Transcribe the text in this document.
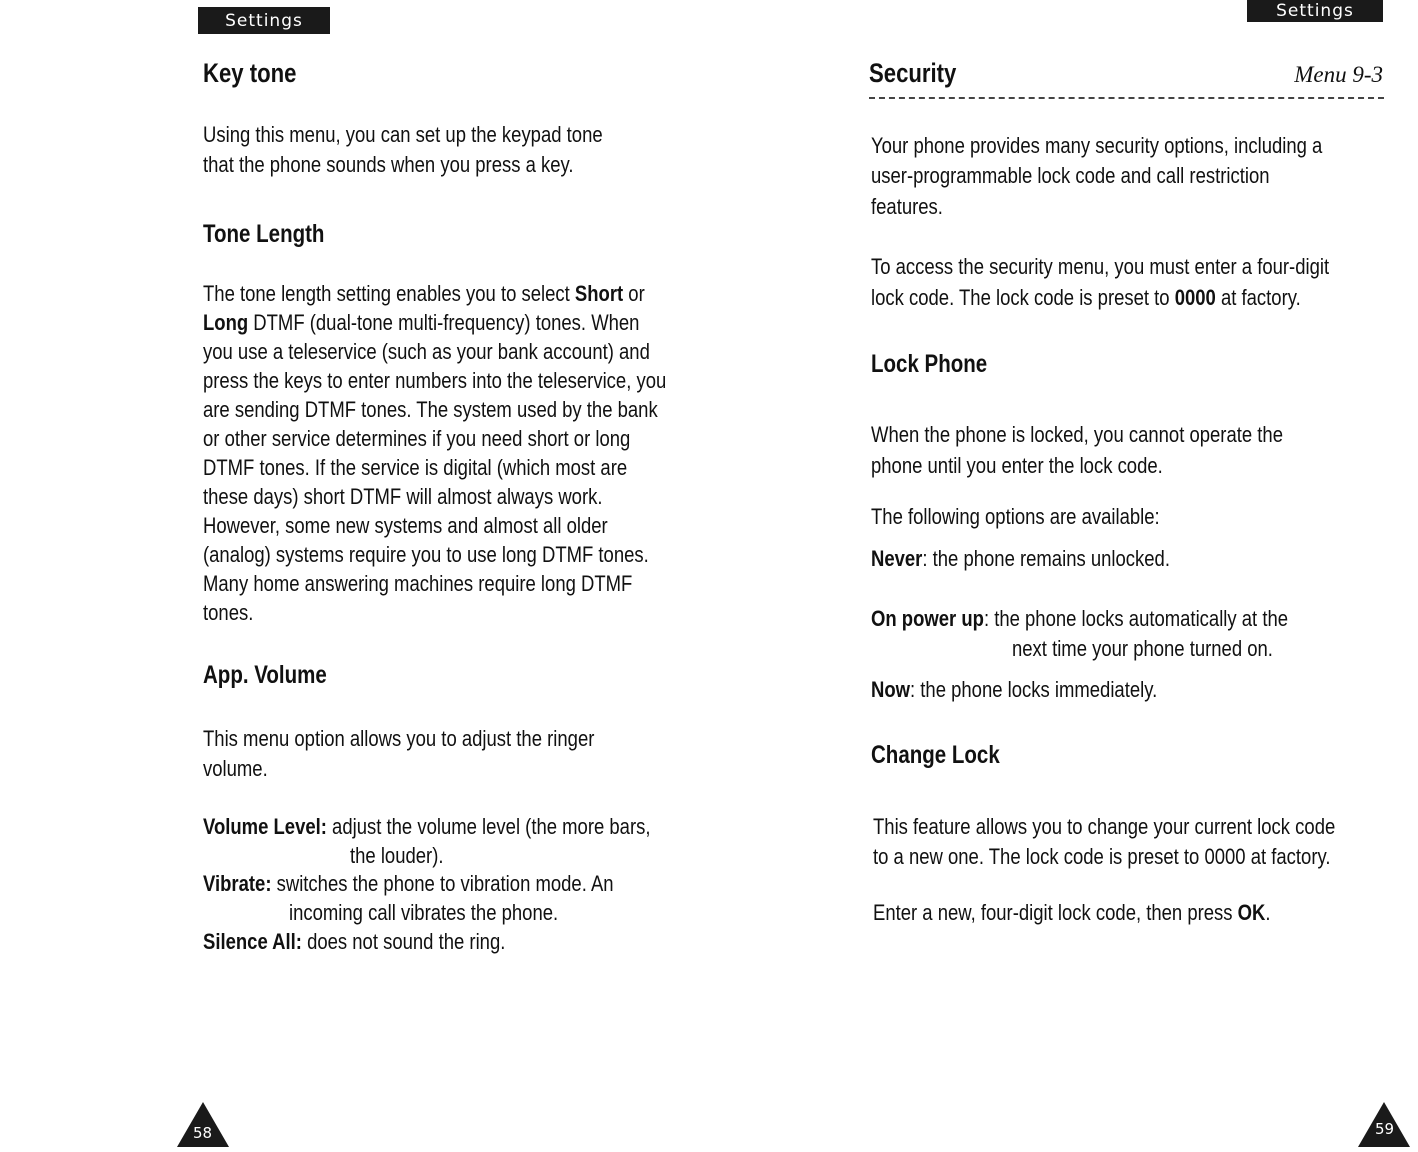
Settings
Key tone
Using this menu, you can set up the keypad tone
that the phone sounds when you press a key.
Tone Length
The tone length setting enables you to select Short or
Long DTMF (dual-tone multi-frequency) tones. When
you use a teleservice (such as your bank account) and
press the keys to enter numbers into the teleservice, you
are sending DTMF tones. The system used by the bank
or other service determines if you need short or long
DTMF tones. If the service is digital (which most are
these days) short DTMF will almost always work.
However, some new systems and almost all older
(analog) systems require you to use long DTMF tones.
Many home answering machines require long DTMF
tones.
App. Volume
This menu option allows you to adjust the ringer
volume.
Volume Level: adjust the volume level (the more bars,
the louder).
Vibrate: switches the phone to vibration mode. An
incoming call vibrates the phone.
Silence All: does not sound the ring.
58
Settings
Security	Menu 9-3
Your phone provides many security options, including a
user-programmable lock code and call restriction
features.
To access the security menu, you must enter a four-digit
lock code. The lock code is preset to 0000 at factory.
Lock Phone
When the phone is locked, you cannot operate the
phone until you enter the lock code.
The following options are available:
Never: the phone remains unlocked.
On power up: the phone locks automatically at the
next time your phone turned on.
Now: the phone locks immediately.
Change Lock
This feature allows you to change your current lock code
to a new one. The lock code is preset to 0000 at factory.
Enter a new, four-digit lock code, then press OK.
59
